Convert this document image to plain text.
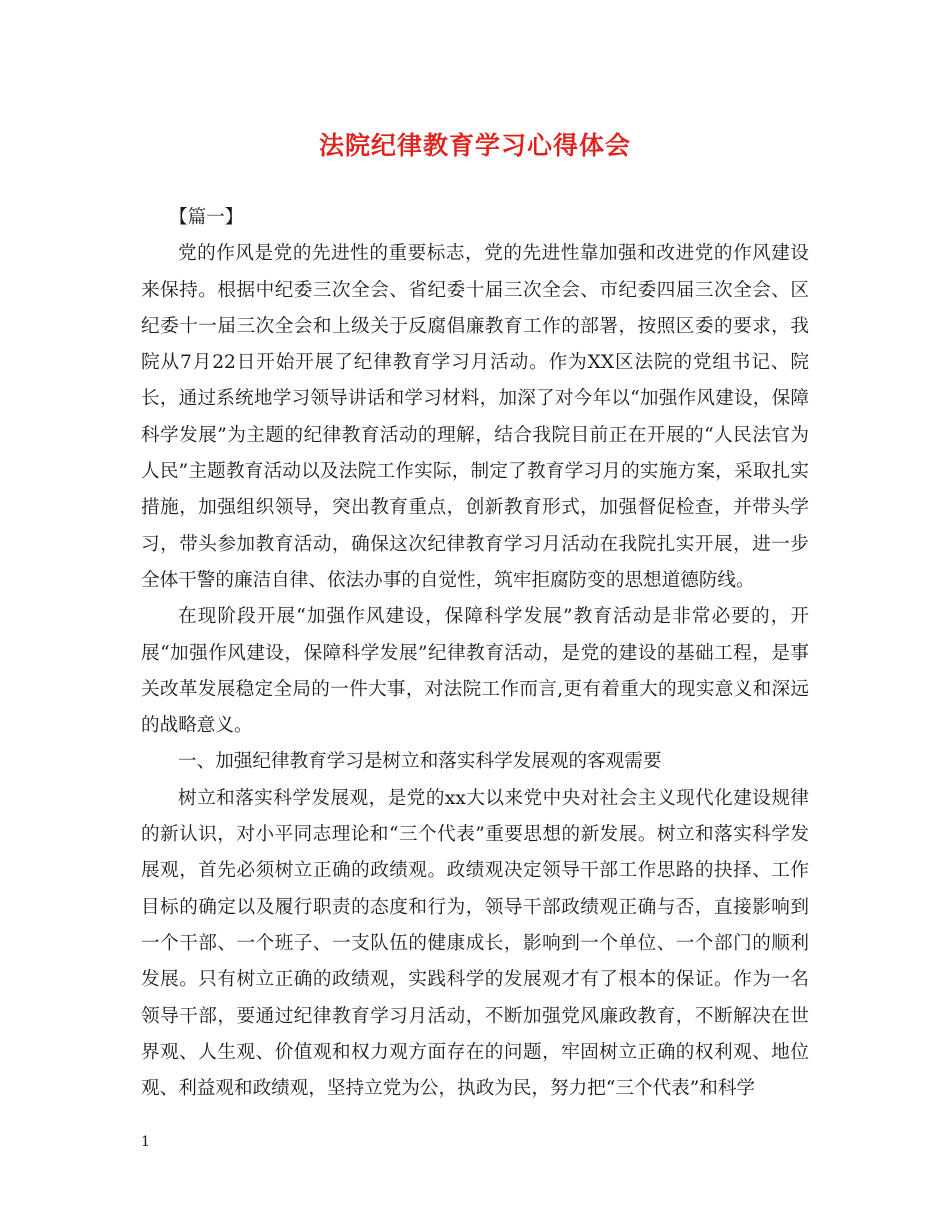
法院纪律教育学习心得体会

【篇一】

党的作风是党的先进性的重要标志，党的先进性靠加强和改进党的作风建设来保持。根据中纪委三次全会、省纪委十届三次全会、市纪委四届三次全会、区纪委十一届三次全会和上级关于反腐倡廉教育工作的部署，按照区委的要求，我院从7月22日开始开展了纪律教育学习月活动。作为XX区法院的党组书记、院长，通过系统地学习领导讲话和学习材料，加深了对今年以“加强作风建设，保障科学发展”为主题的纪律教育活动的理解，结合我院目前正在开展的“人民法官为人民”主题教育活动以及法院工作实际，制定了教育学习月的实施方案，采取扎实措施，加强组织领导，突出教育重点，创新教育形式，加强督促检查，并带头学习，带头参加教育活动，确保这次纪律教育学习月活动在我院扎实开展，进一步全体干警的廉洁自律、依法办事的自觉性，筑牢拒腐防变的思想道德防线。

在现阶段开展“加强作风建设，保障科学发展”教育活动是非常必要的，开展“加强作风建设，保障科学发展”纪律教育活动，是党的建设的基础工程，是事关改革发展稳定全局的一件大事，对法院工作而言,更有着重大的现实意义和深远的战略意义。

一、加强纪律教育学习是树立和落实科学发展观的客观需要

树立和落实科学发展观，是党的xx大以来党中央对社会主义现代化建设规律的新认识，对小平同志理论和“三个代表”重要思想的新发展。树立和落实科学发展观，首先必须树立正确的政绩观。政绩观决定领导干部工作思路的抉择、工作目标的确定以及履行职责的态度和行为，领导干部政绩观正确与否，直接影响到一个干部、一个班子、一支队伍的健康成长，影响到一个单位、一个部门的顺利发展。只有树立正确的政绩观，实践科学的发展观才有了根本的保证。作为一名领导干部，要通过纪律教育学习月活动，不断加强党风廉政教育，不断解决在世界观、人生观、价值观和权力观方面存在的问题，牢固树立正确的权利观、地位观、利益观和政绩观，坚持立党为公，执政为民，努力把“三个代表”和科学

1
